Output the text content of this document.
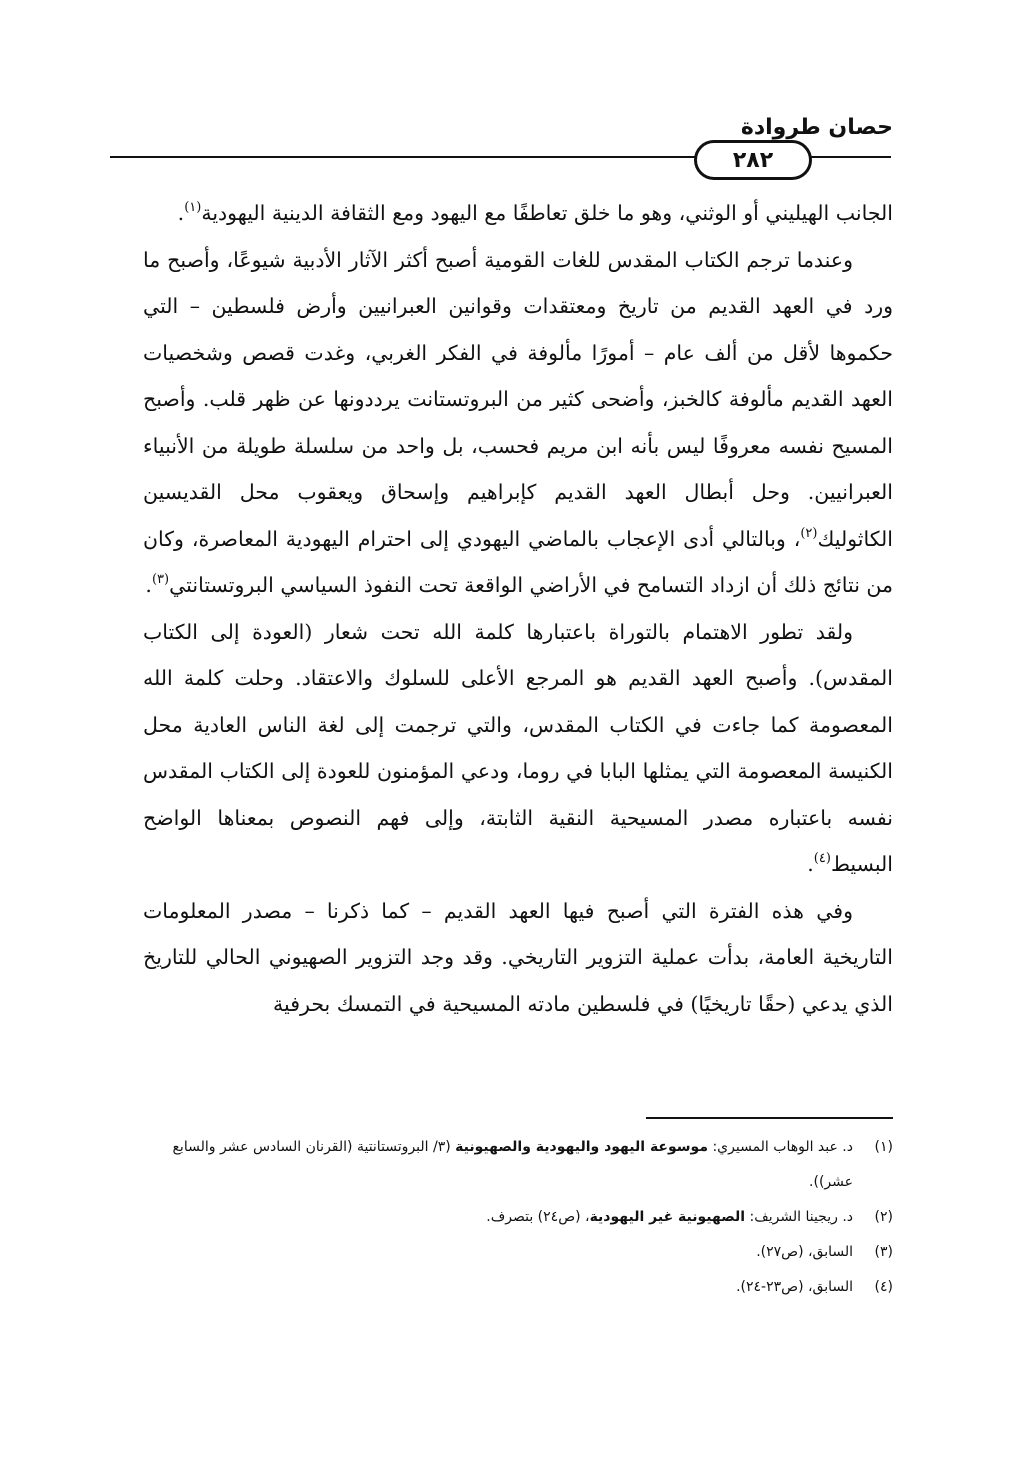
حصان طروادة
٢٨٢

الجانب الهيليني أو الوثني، وهو ما خلق تعاطفًا مع اليهود ومع الثقافة الدينية اليهودية$^{(١)}$.

وعندما ترجم الكتاب المقدس للغات القومية أصبح أكثر الآثار الأدبية شيوعًا، وأصبح ما ورد في العهد القديم من تاريخ ومعتقدات وقوانين العبرانيين وأرض فلسطين – التي حكموها لأقل من ألف عام – أمورًا مألوفة في الفكر الغربي، وغدت قصص وشخصيات العهد القديم مألوفة كالخبز، وأضحى كثير من البروتستانت يرددونها عن ظهر قلب. وأصبح المسيح نفسه معروفًا ليس بأنه ابن مريم فحسب، بل واحد من سلسلة طويلة من الأنبياء العبرانيين. وحل أبطال العهد القديم كإبراهيم وإسحاق ويعقوب محل القديسين الكاثوليك$^{(٢)}$، وبالتالي أدى الإعجاب بالماضي اليهودي إلى احترام اليهودية المعاصرة، وكان من نتائج ذلك أن ازداد التسامح في الأراضي الواقعة تحت النفوذ السياسي البروتستانتي$^{(٣)}$.

ولقد تطور الاهتمام بالتوراة باعتبارها كلمة الله تحت شعار (العودة إلى الكتاب المقدس). وأصبح العهد القديم هو المرجع الأعلى للسلوك والاعتقاد. وحلت كلمة الله المعصومة كما جاءت في الكتاب المقدس، والتي ترجمت إلى لغة الناس العادية محل الكنيسة المعصومة التي يمثلها البابا في روما، ودعي المؤمنون للعودة إلى الكتاب المقدس نفسه باعتباره مصدر المسيحية النقية الثابتة، وإلى فهم النصوص بمعناها الواضح البسيط$^{(٤)}$.

وفي هذه الفترة التي أصبح فيها العهد القديم – كما ذكرنا – مصدر المعلومات التاريخية العامة، بدأت عملية التزوير التاريخي. وقد وجد التزوير الصهيوني الحالي للتاريخ الذي يدعي (حقًا تاريخيًا) في فلسطين مادته المسيحية في التمسك بحرفية

(١)
د. عبد الوهاب المسيري: موسوعة اليهود واليهودية والصهيونية (٣/ البروتستانتية (القرنان السادس عشر والسابع عشر)).
(٢)
د. ريجينا الشريف: الصهيونية غير اليهودية، (ص٢٤) بتصرف.
(٣)
السابق، (ص٢٧).
(٤)
السابق، (ص٢٣-٢٤).
